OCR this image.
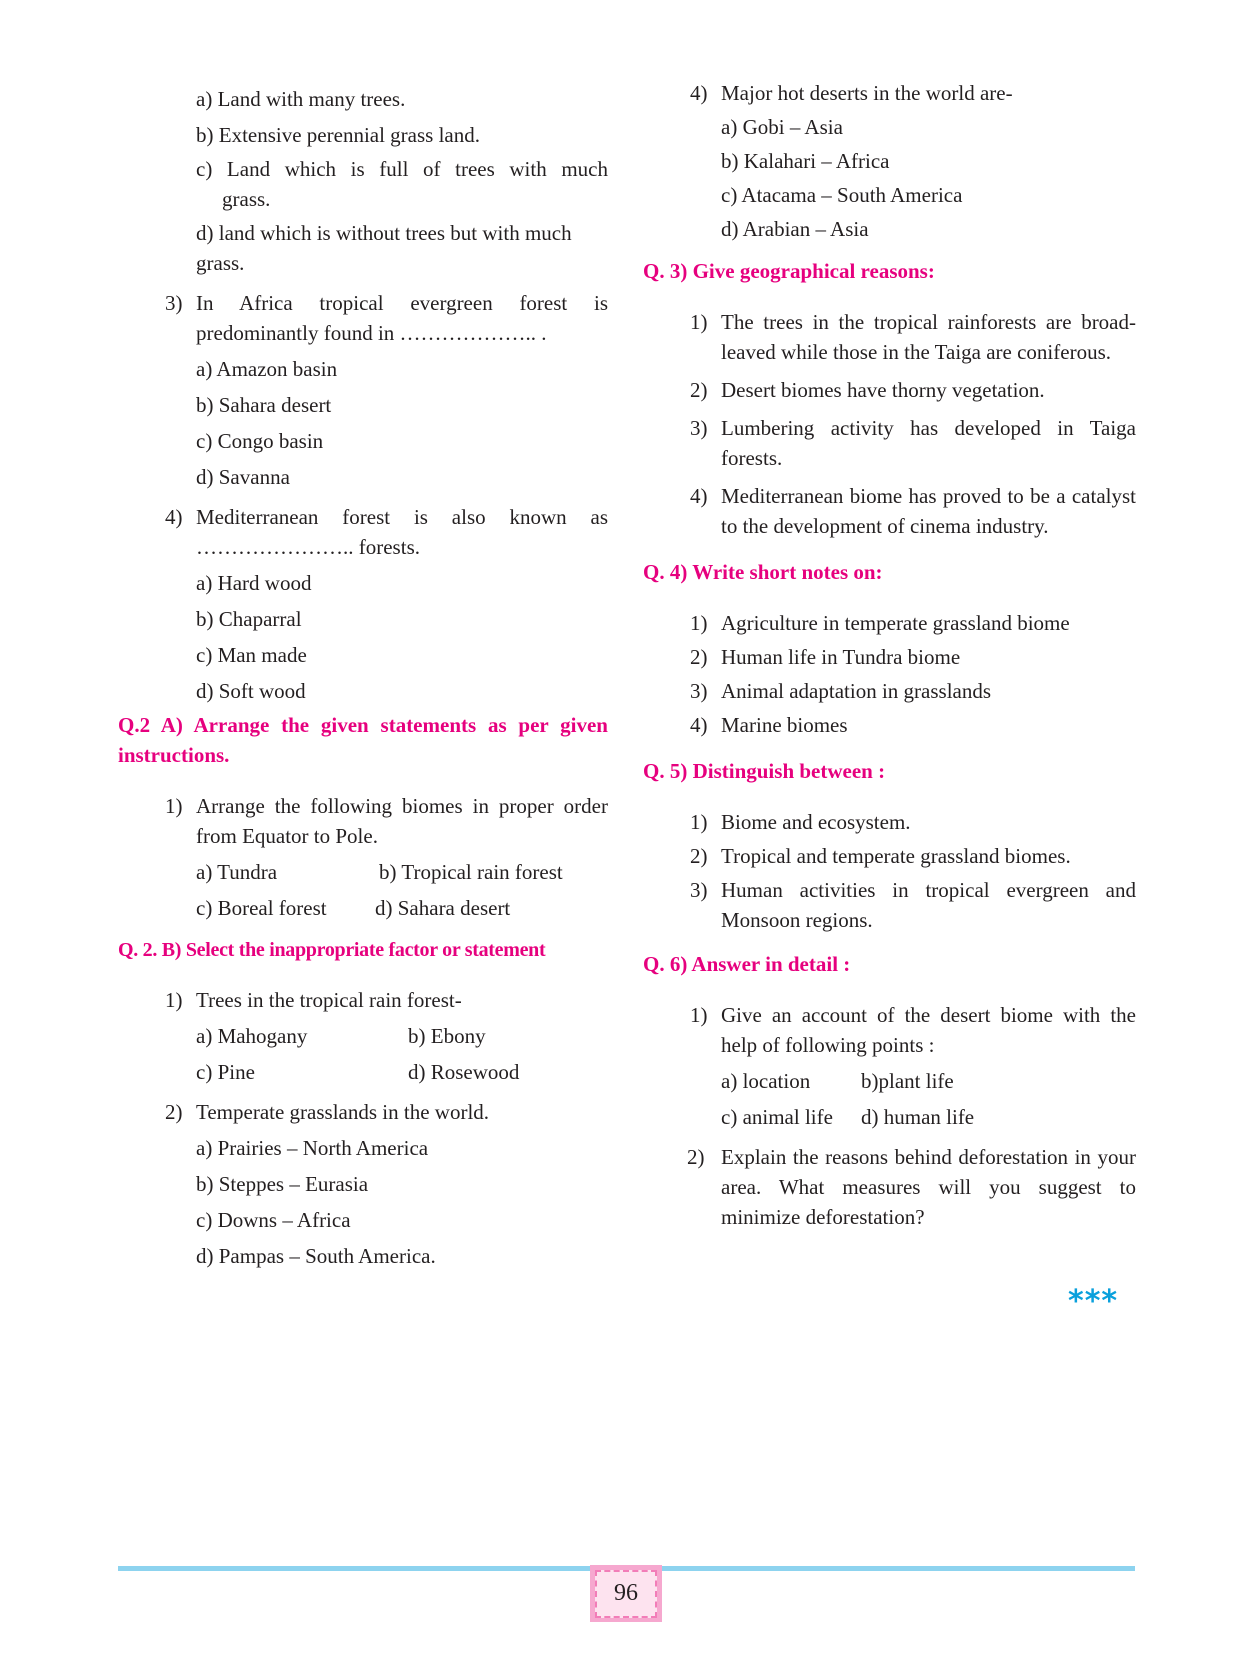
a) Land with many trees.

b) Extensive perennial grass land.

c) Land which is full of trees with much

grass.

d) land which is without trees but with much

grass.

3) In Africa tropical evergreen forest is predominantly found in ……………….. .

a) Amazon basin

b) Sahara desert

c) Congo basin

d) Savanna

4) Mediterranean forest is also known as ………………….. forests.

a) Hard wood

b) Chaparral

c) Man made

d) Soft wood

Q.2 A) Arrange the given statements as per given instructions.

1) Arrange the following biomes in proper order from Equator to Pole.
a) Tundra	b) Tropical rain forest
c) Boreal forest	d) Sahara desert

Q. 2. B) Select the inappropriate factor or statement

1) Trees in the tropical rain forest-
a) Mahogany	b) Ebony
c) Pine	d) Rosewood
2) Temperate grasslands in the world.

a) Prairies – North America

b) Steppes – Eurasia

c) Downs – Africa

d) Pampas – South America.

4) Major hot deserts in the world are-

a) Gobi – Asia

b) Kalahari – Africa

c) Atacama – South America

d) Arabian – Asia

Q. 3) Give geographical reasons:

1) The trees in the tropical rainforests are broad-leaved while those in the Taiga are coniferous.
2) Desert biomes have thorny vegetation.
3) Lumbering activity has developed in Taiga forests.
4) Mediterranean biome has proved to be a catalyst to the development of cinema industry.

Q. 4) Write short notes on:

1) Agriculture in temperate grassland biome
2) Human life in Tundra biome
3) Animal adaptation in grasslands
4) Marine biomes

Q. 5) Distinguish between :

1) Biome and ecosystem.
2) Tropical and temperate grassland biomes.
3) Human activities in tropical evergreen and Monsoon regions.

Q. 6) Answer in detail :

1) Give an account of the desert biome with the help of following points :
a) location	b)plant life
c) animal life	d) human life
2) Explain the reasons behind deforestation in your area. What measures will you suggest to minimize deforestation?
***
96
